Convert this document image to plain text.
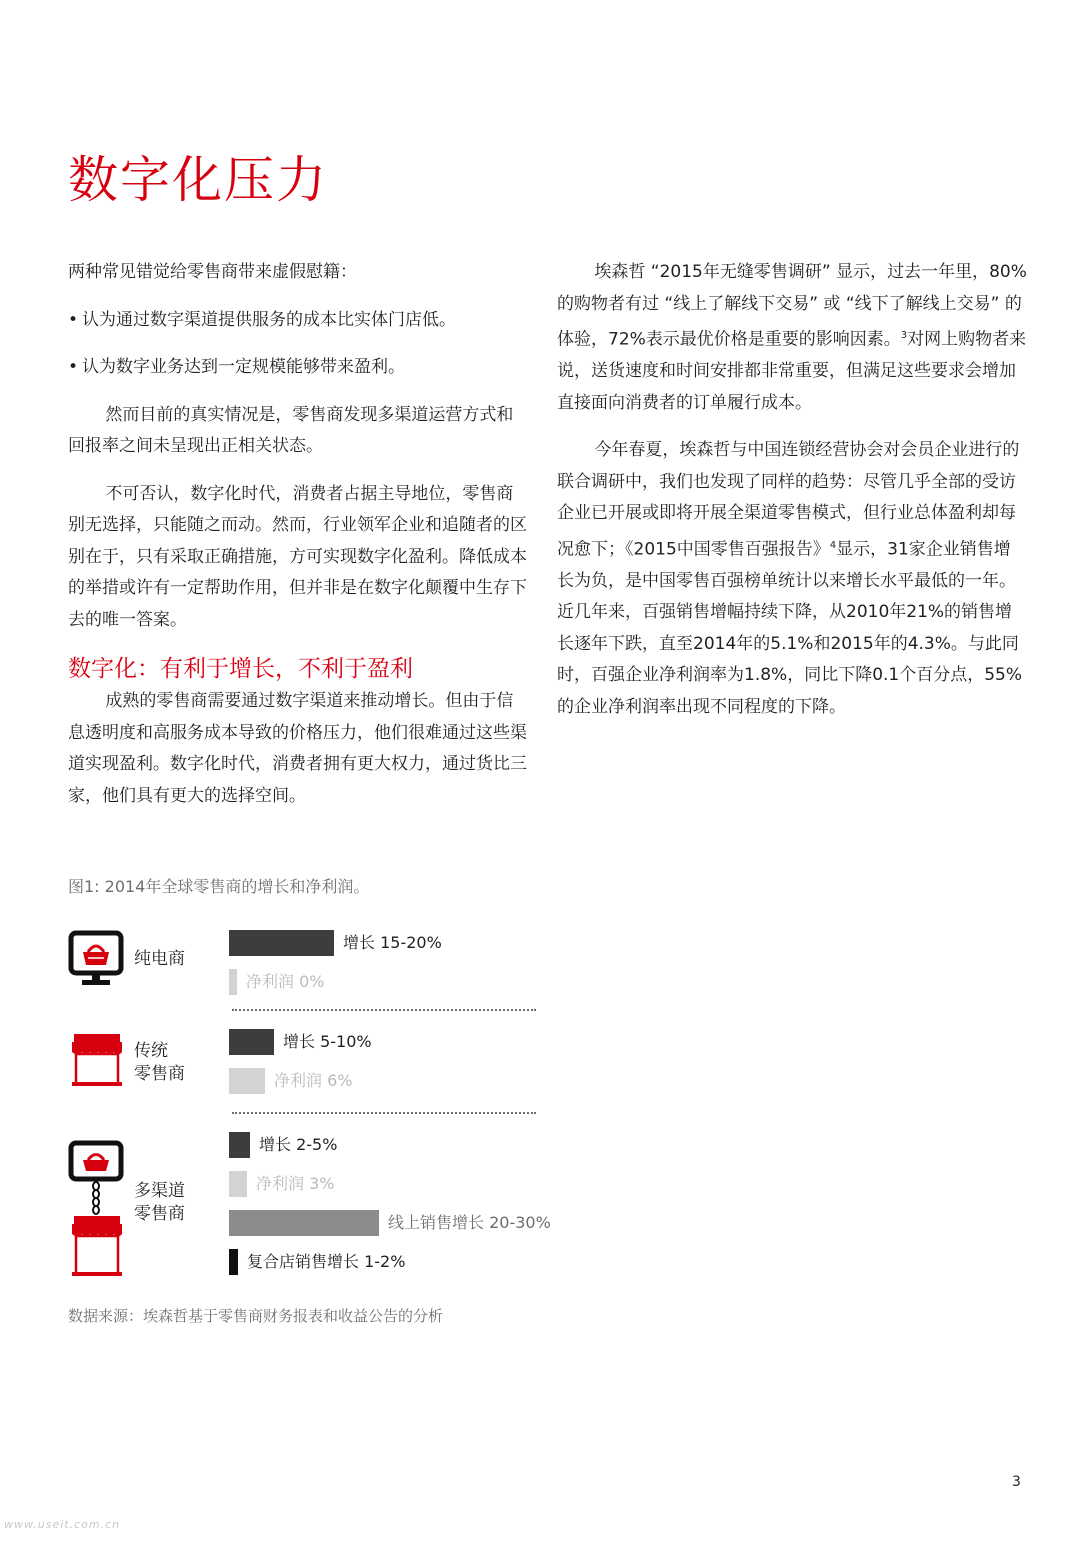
数字化压力

两种常见错觉给零售商带来虚假慰籍：

• 认为通过数字渠道提供服务的成本比实体门店低。

• 认为数字业务达到一定规模能够带来盈利。

然而目前的真实情况是，零售商发现多渠道运营方式和回报率之间未呈现出正相关状态。

不可否认，数字化时代，消费者占据主导地位，零售商别无选择，只能随之而动。然而，行业领军企业和追随者的区别在于，只有采取正确措施，方可实现数字化盈利。降低成本的举措或许有一定帮助作用，但并非是在数字化颠覆中生存下去的唯一答案。

数字化：有利于增长，不利于盈利

成熟的零售商需要通过数字渠道来推动增长。但由于信息透明度和高服务成本导致的价格压力，他们很难通过这些渠道实现盈利。数字化时代，消费者拥有更大权力，通过货比三家，他们具有更大的选择空间。

埃森哲 “2015年无缝零售调研” 显示，过去一年里，80%的购物者有过 “线上了解线下交易” 或 “线下了解线上交易” 的体验，72%表示最优价格是重要的影响因素。$^3$对网上购物者来说，送货速度和时间安排都非常重要，但满足这些要求会增加直接面向消费者的订单履行成本。

今年春夏，埃森哲与中国连锁经营协会对会员企业进行的联合调研中，我们也发现了同样的趋势：尽管几乎全部的受访企业已开展或即将开展全渠道零售模式，但行业总体盈利却每况愈下；《2015中国零售百强报告》$^4$显示，31家企业销售增长为负，是中国零售百强榜单统计以来增长水平最低的一年。近几年来，百强销售增幅持续下降，从2010年21%的销售增长逐年下跌，直至2014年的5.1%和2015年的4.3%。与此同时，百强企业净利润率为1.8%，同比下降0.1个百分点，55%的企业净利润率出现不同程度的下降。

图1: 2014年全球零售商的增长和净利润。
纯电商
传统
零售商
多渠道
零售商
增长 15-20%
净利润 0%
增长 5-10%
净利润 6%
增长 2-5%
净利润 3%
线上销售增长 20-30%
复合店销售增长 1-2%
数据来源：埃森哲基于零售商财务报表和收益公告的分析
3
www.useit.com.cn
